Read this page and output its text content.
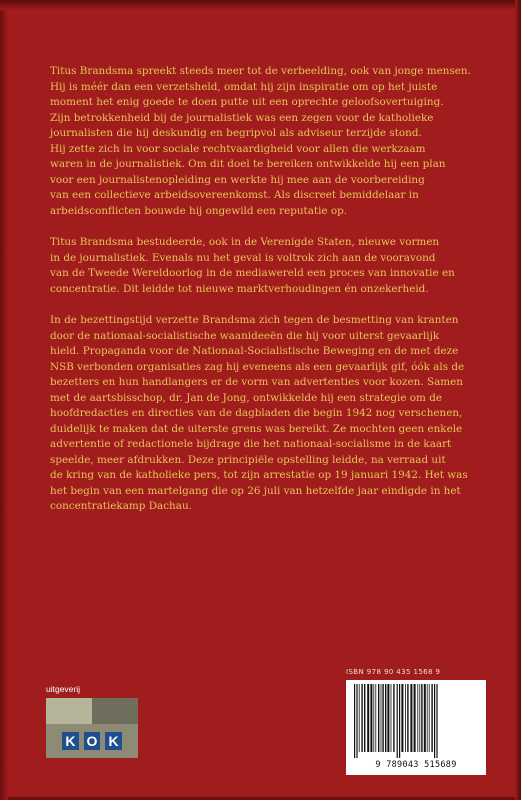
Titus Brandsma spreekt steeds meer tot de verbeelding, ook van jonge mensen.
Hij is méér dan een verzetsheld, omdat hij zijn inspiratie om op het juiste
moment het enig goede te doen putte uit een oprechte geloofsovertuiging.
Zijn betrokkenheid bij de journalistiek was een zegen voor de katholieke
journalisten die hij deskundig en begripvol als adviseur terzijde stond.
Hij zette zich in voor sociale rechtvaardigheid voor allen die werkzaam
waren in de journalistiek. Om dit doel te bereiken ontwikkelde hij een plan
voor een journalistenopleiding en werkte hij mee aan de voorbereiding
van een collectieve arbeidsovereenkomst. Als discreet bemiddelaar in
arbeidsconflicten bouwde hij ongewild een reputatie op.

Titus Brandsma bestudeerde, ook in de Verenigde Staten, nieuwe vormen
in de journalistiek. Evenals nu het geval is voltrok zich aan de vooravond
van de Tweede Wereldoorlog in de mediawereld een proces van innovatie en
concentratie. Dit leidde tot nieuwe marktverhoudingen én onzekerheid.

In de bezettingstijd verzette Brandsma zich tegen de besmetting van kranten
door de nationaal-socialistische waanideeën die hij voor uiterst gevaarlijk
hield. Propaganda voor de Nationaal-Socialistische Beweging en de met deze
NSB verbonden organisaties zag hij eveneens als een gevaarlijk gif, óók als de
bezetters en hun handlangers er de vorm van advertenties voor kozen. Samen
met de aartsbisschop, dr. Jan de Jong, ontwikkelde hij een strategie om de
hoofdredacties en directies van de dagbladen die begin 1942 nog verschenen,
duidelijk te maken dat de uiterste grens was bereikt. Ze mochten geen enkele
advertentie of redactionele bijdrage die het nationaal-socialisme in de kaart
speelde, meer afdrukken. Deze principiële opstelling leidde, na verraad uit
de kring van de katholieke pers, tot zijn arrestatie op 19 januari 1942. Het was
het begin van een martelgang die op 26 juli van hetzelfde jaar eindigde in het
concentratiekamp Dachau.

ISBN 978 90 435 1568 9
uitgeverij
K O K
9 789043 515689
